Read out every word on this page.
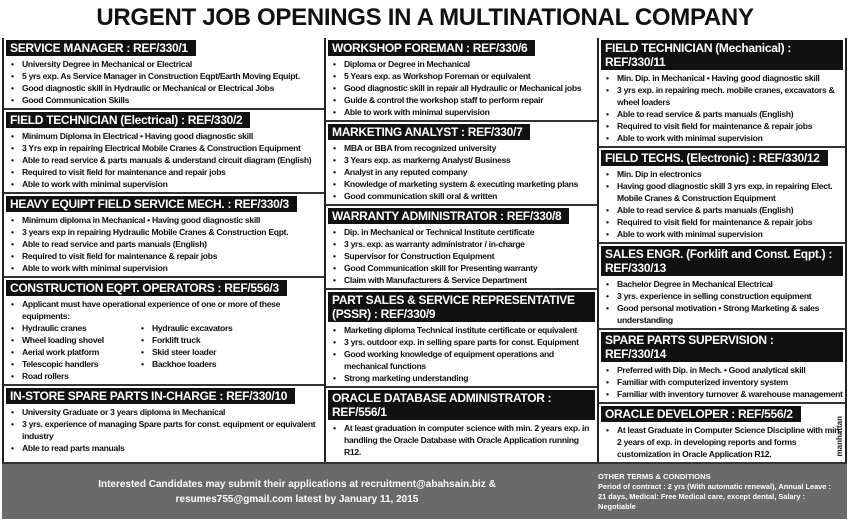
URGENT JOB OPENINGS IN A MULTINATIONAL COMPANY
SERVICE MANAGER : REF/330/1
• University Degree in Mechanical or Electrical
• 5 yrs exp. As Service Manager in Construction Eqpt/Earth Moving Equipt.
• Good diagnostic skill in Hydraulic or Mechanical or Electrical Jobs
• Good Communication Skills
FIELD TECHNICIAN (Electrical) : REF/330/2
• Minimum Diploma in Electrical • Having good diagnostic skill
• 3 Yrs exp in repairing Electrical Mobile Cranes & Construction Equipment
• Able to read service & parts manuals & understand circuit diagram (English)
• Required to visit field for maintenance and repair jobs
• Able to work with minimal supervision
HEAVY EQUIPT FIELD SERVICE MECH. : REF/330/3
• Minimum diploma in Mechanical • Having good diagnostic skill
• 3 years exp in repairing Hydraulic Mobile Cranes & Construction Eqpt.
• Able to read service and parts manuals (English)
• Required to visit field for maintenance & repair jobs
• Able to work with minimal supervision
CONSTRUCTION EQPT. OPERATORS : REF/556/3
• Applicant must have operational experience of one or more of these equipments:
• Hydraulic cranes	• Hydraulic excavators
• Wheel loading shovel	• Forklift truck
• Aerial work platform	• Skid steer loader
• Telescopic handlers	• Backhoe loaders
• Road rollers
IN-STORE SPARE PARTS IN-CHARGE : REF/330/10
• University Graduate or 3 years diploma in Mechanical
• 3 yrs. experience of managing Spare parts for const. equipment or equivalent industry
• Able to read parts manuals
WORKSHOP FOREMAN : REF/330/6
• Diploma or Degree in Mechanical
• 5 Years exp. as Workshop Foreman or equivalent
• Good diagnostic skill in repair all Hydraulic or Mechanical jobs
• Guide & control the workshop staff to perform repair
• Able to work with minimal supervision
MARKETING ANALYST : REF/330/7
• MBA or BBA from recognized university
• 3 Years exp. as markerng Analyst/ Business
• Analyst in any reputed company
• Knowledge of marketing system & executing marketing plans
• Good communication skill oral & written
WARRANTY ADMINISTRATOR : REF/330/8
• Dip. in Mechanical or Technical Institute certificate
• 3 yrs. exp. as warranty administrator / in-charge
• Supervisor for Construction Equipment
• Good Communication skill for Presenting warranty
• Claim with Manufacturers & Service Department
PART SALES & SERVICE REPRESENTATIVE (PSSR) : REF/330/9
• Marketing diploma Technical institute certificate or equivalent
• 3 yrs. outdoor exp. in selling spare parts for const. Equipment
• Good working knowledge of equipment operations and mechanical functions
• Strong marketing understanding
ORACLE DATABASE ADMINISTRATOR : REF/556/1
• At least graduation in computer science with min. 2 years exp. in handling the Oracle Database with Oracle Application running R12.
FIELD TECHNICIAN (Mechanical) : REF/330/11
• Min. Dip. in Mechanical • Having good diagnostic skill
• 3 yrs exp. in repairing mech. mobile cranes, excavators & wheel loaders
• Able to read service & parts manuals (English)
• Required to visit field for maintenance & repair jobs
• Able to work with minimal supervision
FIELD TECHS. (Electronic) : REF/330/12
• Min. Dip in electronics
• Having good diagnostic skill 3 yrs exp. in repairing Elect. Mobile Cranes & Construction Equipment
• Able to read service & parts manuals (English)
• Required to visit field for maintenance & repair jobs
• Able to work with minimal supervision
SALES ENGR. (Forklift and Const. Eqpt.) : REF/330/13
• Bachelor Degree in Mechanical Electrical
• 3 yrs. experience in selling construction equipment
• Good personal motivation • Strong Marketing & sales understanding
SPARE PARTS SUPERVISION : REF/330/14
• Preferred with Dip. in Mech. • Good analytical skill
• Familiar with computerized inventory system
• Familiar with inventory turnover & warehouse management
ORACLE DEVELOPER : REF/556/2
• At least Graduate in Computer Science Discipline with min. 2 years of exp. in developing reports and forms customization in Oracle Application R12.	manhattan
Interested Candidates may submit their applications at recruitment@abahsain.biz &
resumes755@gmail.com latest by January 11, 2015
OTHER TERMS & CONDITIONS
Period of contract : 2 yrs (With automatic renewal), Annual Leave : 21 days, Medical: Free Medical care, except dental, Salary : Negotiable
